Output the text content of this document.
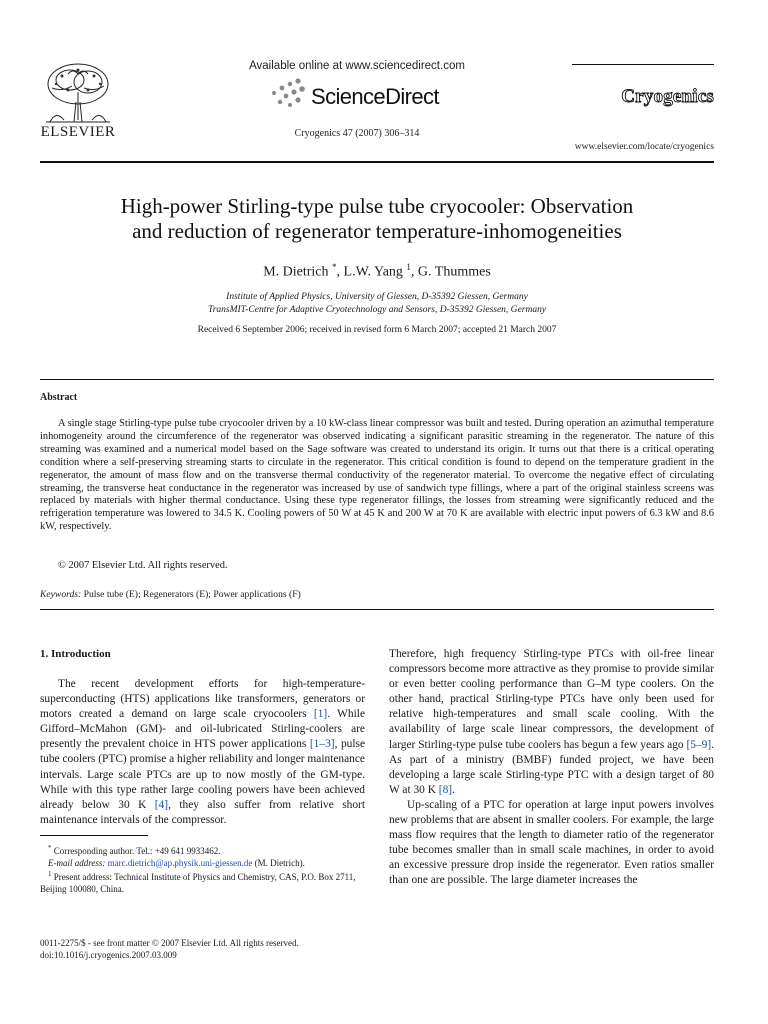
ELSEVIER
Available online at www.sciencedirect.com
ScienceDirect
Cryogenics 47 (2007) 306–314
Cryogenics
www.elsevier.com/locate/cryogenics
High-power Stirling-type pulse tube cryocooler: Observation
and reduction of regenerator temperature-inhomogeneities
M. Dietrich *, L.W. Yang $^1$, G. Thummes
Institute of Applied Physics, University of Giessen, D-35392 Giessen, Germany
TransMIT-Centre for Adaptive Cryotechnology and Sensors, D-35392 Giessen, Germany
Received 6 September 2006; received in revised form 6 March 2007; accepted 21 March 2007
Abstract
A single stage Stirling-type pulse tube cryocooler driven by a 10 kW-class linear compressor was built and tested. During operation an azimuthal temperature inhomogeneity around the circumference of the regenerator was observed indicating a significant parasitic streaming in the regenerator. The nature of this streaming was examined and a numerical model based on the Sage software was created to understand its origin. It turns out that there is a critical operating condition where a self-preserving streaming starts to circulate in the regenerator. This critical condition is found to depend on the temperature gradient in the regenerator, the amount of mass flow and on the transverse thermal conductivity of the regenerator material. To overcome the negative effect of circulating streaming, the transverse heat conductance in the regenerator was increased by use of sandwich type fillings, where a part of the original stainless screens was replaced by materials with higher thermal conductance. Using these type regenerator fillings, the losses from streaming were significantly reduced and the refrigeration temperature was lowered to 34.5 K. Cooling powers of 50 W at 45 K and 200 W at 70 K are available with electric input powers of 6.3 kW and 8.6 kW, respectively.
© 2007 Elsevier Ltd. All rights reserved.
Keywords: Pulse tube (E); Regenerators (E); Power applications (F)
1. Introduction

The recent development efforts for high-temperature-superconducting (HTS) applications like transformers, generators or motors created a demand on large scale cryocoolers [1]. While Gifford–McMahon (GM)- and oil-lubricated Stirling-coolers are presently the prevalent choice in HTS power applications [1–3], pulse tube coolers (PTC) promise a higher reliability and longer maintenance intervals. Large scale PTCs are up to now mostly of the GM-type. While with this type rather large cooling powers have been achieved already below 30 K [4], they also suffer from relative short maintenance intervals of the compressor.

* Corresponding author. Tel.: +49 641 9933462.
E-mail address: marc.dietrich@ap.physik.uni-giessen.de (M. Dietrich).
$^1$ Present address: Technical Institute of Physics and Chemistry, CAS, P.O. Box 2711, Beijing 100080, China.
0011-2275/$ - see front matter © 2007 Elsevier Ltd. All rights reserved.
doi:10.1016/j.cryogenics.2007.03.009

Therefore, high frequency Stirling-type PTCs with oil-free linear compressors become more attractive as they promise to provide similar or even better cooling performance than G–M type coolers. On the other hand, practical Stirling-type PTCs have only been used for relative high-temperatures and small scale cooling. With the availability of large scale linear compressors, the development of larger Stirling-type pulse tube coolers has begun a few years ago [5–9]. As part of a ministry (BMBF) funded project, we have been developing a large scale Stirling-type PTC with a design target of 80 W at 30 K [8].

Up-scaling of a PTC for operation at large input powers involves new problems that are absent in smaller coolers. For example, the large mass flow requires that the length to diameter ratio of the regenerator tube becomes smaller than in small scale machines, in order to avoid an excessive pressure drop inside the regenerator. Even ratios smaller than one are possible. The large diameter increases the
